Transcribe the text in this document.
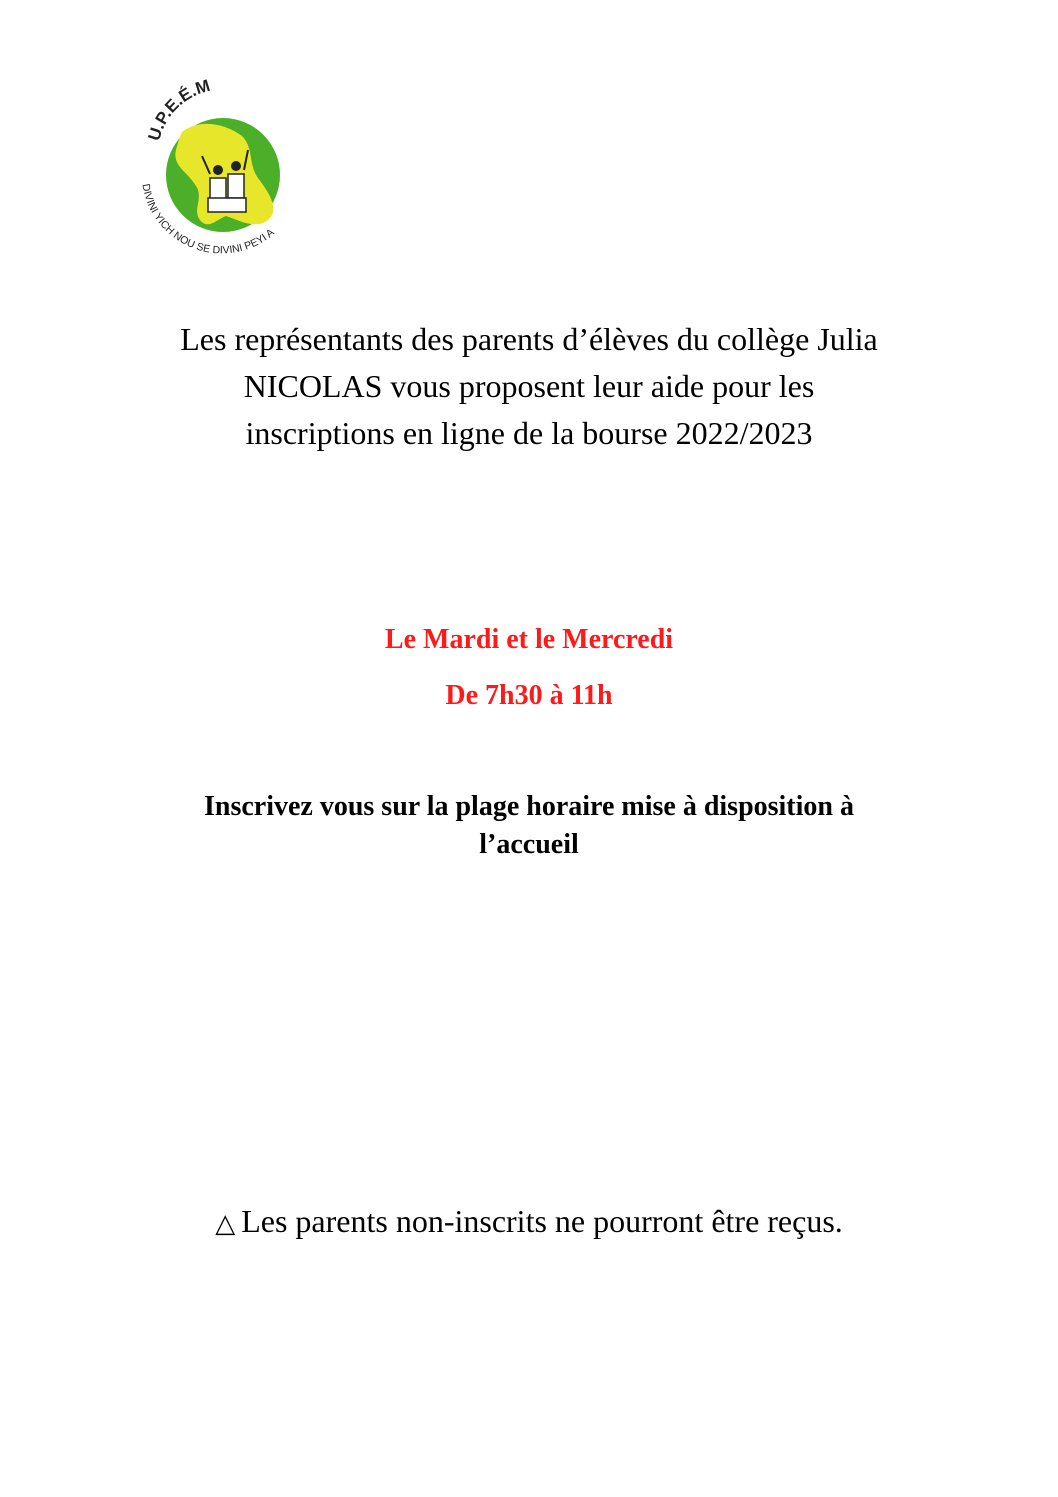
U.P.E.É.M
DIVINI YICH NOU SE DIVINI PEYI A
Les représentants des parents d’élèves du collège Julia
NICOLAS vous proposent leur aide pour les
inscriptions en ligne de la bourse 2022/2023
Le Mardi et le Mercredi
De 7h30 à 11h
Inscrivez vous sur la plage horaire mise à disposition à
l’accueil
△ Les parents non-inscrits ne pourront être reçus.
